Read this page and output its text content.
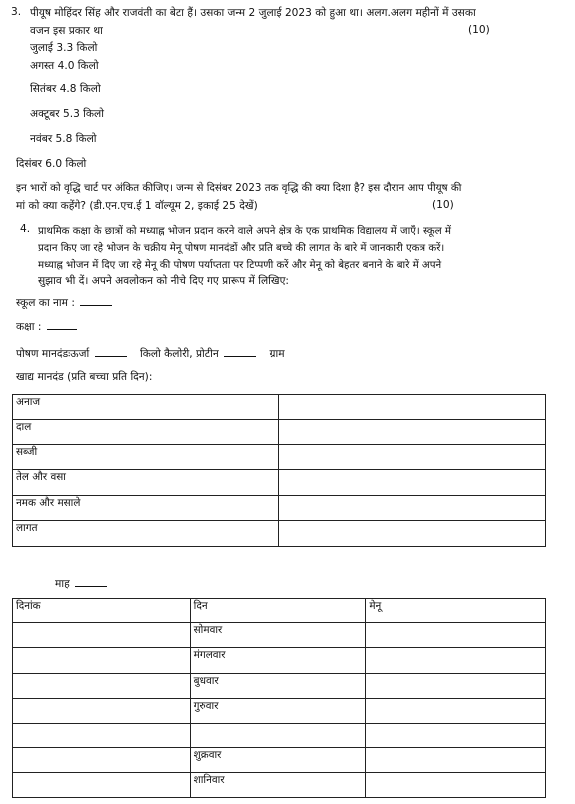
3. पीयूष मोहिंदर सिंह और राजवंती का बेटा हैं। उसका जन्म 2 जुलाई 2023 को हुआ था। अलग.अलग महीनों में उसका
वजन इस प्रकार था	(10)
जुलाई 3.3 किलो
अगस्त 4.0 किलो
सितंबर 4.8 किलो
अक्टूबर 5.3 किलो
नवंबर 5.8 किलो
दिसंबर 6.0 किलो
इन भारों को वृद्धि चार्ट पर अंकित कीजिए। जन्म से दिसंबर 2023 तक वृद्धि की क्या दिशा है? इस दौरान आप पीयूष की
मां को क्या कहेंगे? (डी.एन.एच.ई 1 वॉल्यूम 2, इकाई 25 देखें)	(10)
4. प्राथमिक कक्षा के छात्रों को मध्याह्न भोजन प्रदान करने वाले अपने क्षेत्र के एक प्राथमिक विद्यालय में जाएँ। स्कूल में
प्रदान किए जा रहे भोजन के चक्रीय मेनू पोषण मानदंडों और प्रति बच्चे की लागत के बारे में जानकारी एकत्र करें।
मध्याह्न भोजन में दिए जा रहे मेनू की पोषण पर्याप्तता पर टिप्पणी करें और मेनू को बेहतर बनाने के बारे में अपने
सुझाव भी दें। अपने अवलोकन को नीचे दिए गए प्रारूप में लिखिए:
स्कूल का नाम :
कक्षा :
पोषण मानदंडःऊर्जा	किलो कैलोरी, प्रोटीन	ग्राम
खाद्य मानदंड (प्रति बच्चा प्रति दिन):
अनाज	
दाल	
सब्जी	
तेल और वसा	
नमक और मसाले	
लागत	
माह
दिनांक	दिन	मेनू
	सोमवार	
	मंगलवार	
	बुधवार	
	गुरुवार	

	शुक्रवार	
	शानिवार	
